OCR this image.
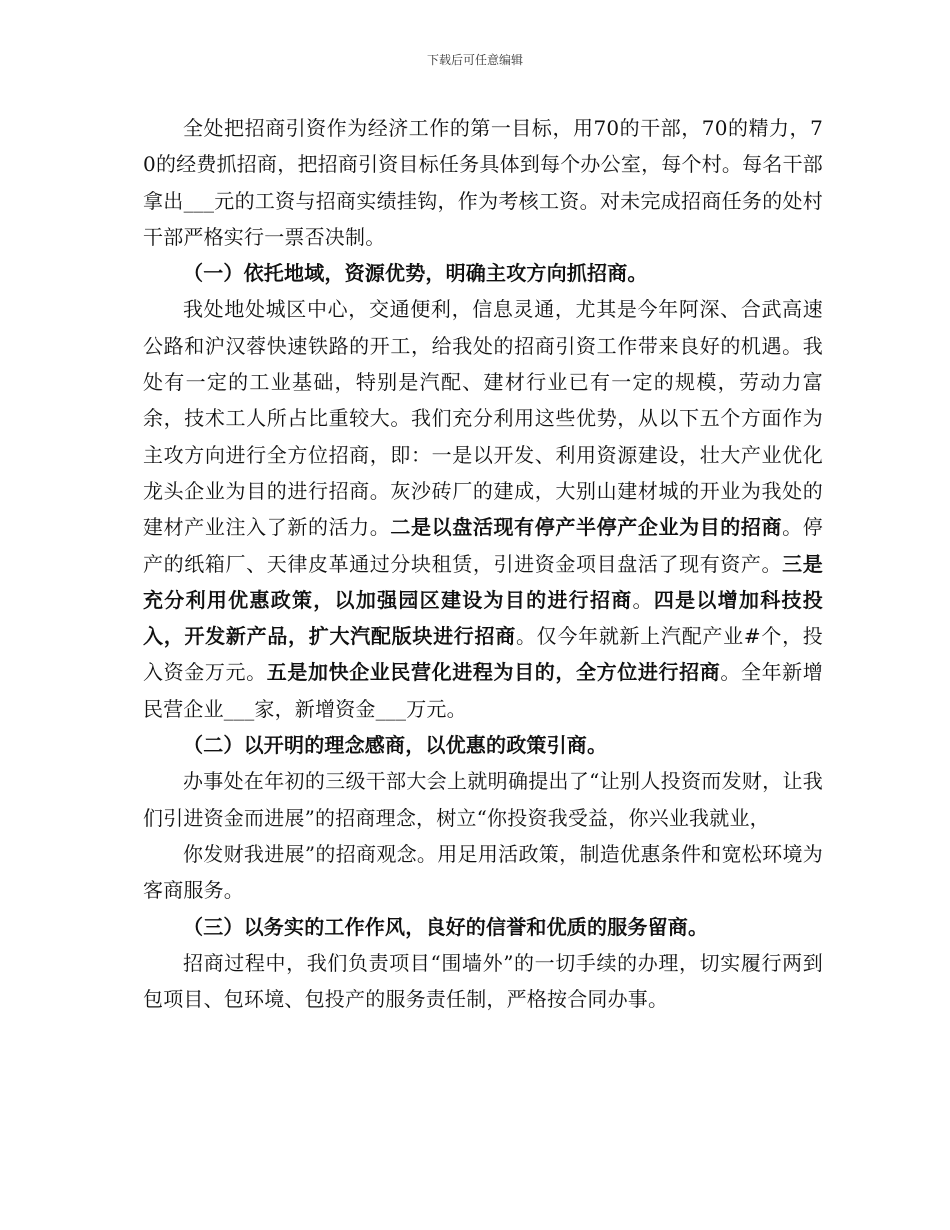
下载后可任意编辑

全处把招商引资作为经济工作的第一目标，用70的干部，70的精力，70的经费抓招商，把招商引资目标任务具体到每个办公室，每个村。每名干部拿出___元的工资与招商实绩挂钩，作为考核工资。对未完成招商任务的处村干部严格实行一票否决制。

（一）依托地域，资源优势，明确主攻方向抓招商。

我处地处城区中心，交通便利，信息灵通，尤其是今年阿深、合武高速公路和沪汉蓉快速铁路的开工，给我处的招商引资工作带来良好的机遇。我处有一定的工业基础，特别是汽配、建材行业已有一定的规模，劳动力富余，技术工人所占比重较大。我们充分利用这些优势，从以下五个方面作为主攻方向进行全方位招商，即：一是以开发、利用资源建设，壮大产业优化龙头企业为目的进行招商。灰沙砖厂的建成，大别山建材城的开业为我处的建材产业注入了新的活力。二是以盘活现有停产半停产企业为目的招商。停产的纸箱厂、天律皮革通过分块租赁，引进资金项目盘活了现有资产。三是充分利用优惠政策，以加强园区建设为目的进行招商。四是以增加科技投入，开发新产品，扩大汽配版块进行招商。仅今年就新上汽配产业#个，投入资金万元。五是加快企业民营化进程为目的，全方位进行招商。全年新增民营企业___家，新增资金___万元。

（二）以开明的理念感商，以优惠的政策引商。

办事处在年初的三级干部大会上就明确提出了“让别人投资而发财，让我们引进资金而进展”的招商理念，树立“你投资我受益，你兴业我就业，

你发财我进展”的招商观念。用足用活政策，制造优惠条件和宽松环境为客商服务。

（三）以务实的工作作风，良好的信誉和优质的服务留商。

招商过程中，我们负责项目“围墙外”的一切手续的办理，切实履行两到包项目、包环境、包投产的服务责任制，严格按合同办事。
